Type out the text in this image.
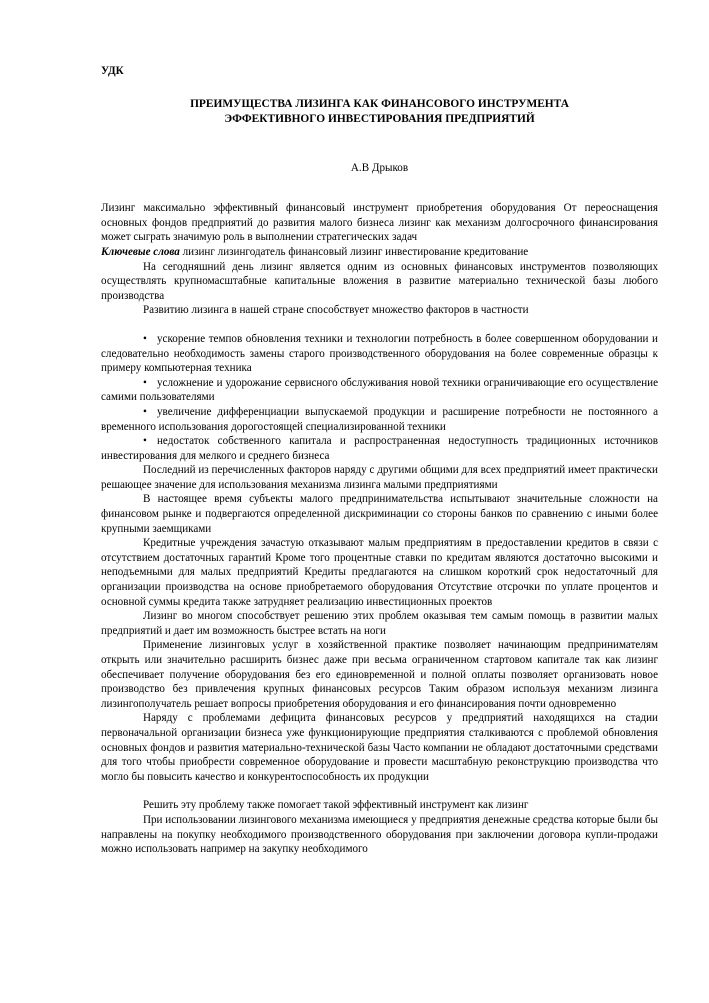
УДК
ПРЕИМУЩЕСТВА ЛИЗИНГА КАК ФИНАНСОВОГО ИНСТРУМЕНТА
ЭФФЕКТИВНОГО ИНВЕСТИРОВАНИЯ ПРЕДПРИЯТИЙ
А.В Дрыков

Лизинг максимально эффективный финансовый инструмент приобретения оборудования От переоснащения основных фондов предприятий до развития малого бизнеса лизинг как механизм долгосрочного финансирования может сыграть значимую роль в выполнении стратегических задач

Ключевые слова лизинг лизингодатель финансовый лизинг инвестирование кредитование

На сегодняшний день лизинг является одним из основных финансовых инструментов позволяющих осуществлять крупномасштабные капитальные вложения в развитие материально технической базы любого производства

Развитию лизинга в нашей стране способствует множество факторов в частности

• ускорение темпов обновления техники и технологии потребность в более совершенном оборудовании и следовательно необходимость замены старого производственного оборудования на более современные образцы к примеру компьютерная техника

• усложнение и удорожание сервисного обслуживания новой техники ограничивающие его осуществление самими пользователями

• увеличение дифференциации выпускаемой продукции и расширение потребности не постоянного а временного использования дорогостоящей специализированной техники

• недостаток собственного капитала и распространенная недоступность традиционных источников инвестирования для мелкого и среднего бизнеса

Последний из перечисленных факторов наряду с другими общими для всех предприятий имеет практически решающее значение для использования механизма лизинга малыми предприятиями

В настоящее время субъекты малого предпринимательства испытывают значительные сложности на финансовом рынке и подвергаются определенной дискриминации со стороны банков по сравнению с иными более крупными заемщиками

Кредитные учреждения зачастую отказывают малым предприятиям в предоставлении кредитов в связи с отсутствием достаточных гарантий Кроме того процентные ставки по кредитам являются достаточно высокими и неподъемными для малых предприятий Кредиты предлагаются на слишком короткий срок недостаточный для организации производства на основе приобретаемого оборудования Отсутствие отсрочки по уплате процентов и основной суммы кредита также затрудняет реализацию инвестиционных проектов

Лизинг во многом способствует решению этих проблем оказывая тем самым помощь в развитии малых предприятий и дает им возможность быстрее встать на ноги

Применение лизинговых услуг в хозяйственной практике позволяет начинающим предпринимателям открыть или значительно расширить бизнес даже при весьма ограниченном стартовом капитале так как лизинг обеспечивает получение оборудования без его единовременной и полной оплаты позволяет организовать новое производство без привлечения крупных финансовых ресурсов Таким образом используя механизм лизинга лизингополучатель решает вопросы приобретения оборудования и его финансирования почти одновременно

Наряду с проблемами дефицита финансовых ресурсов у предприятий находящихся на стадии первоначальной организации бизнеса уже функционирующие предприятия сталкиваются с проблемой обновления основных фондов и развития материально-технической базы Часто компании не обладают достаточными средствами для того чтобы приобрести современное оборудование и провести масштабную реконструкцию производства что могло бы повысить качество и конкурентоспособность их продукции

Решить эту проблему также помогает такой эффективный инструмент как лизинг

При использовании лизингового механизма имеющиеся у предприятия денежные средства которые были бы направлены на покупку необходимого производственного оборудования при заключении договора купли-продажи можно использовать например на закупку необходимого
